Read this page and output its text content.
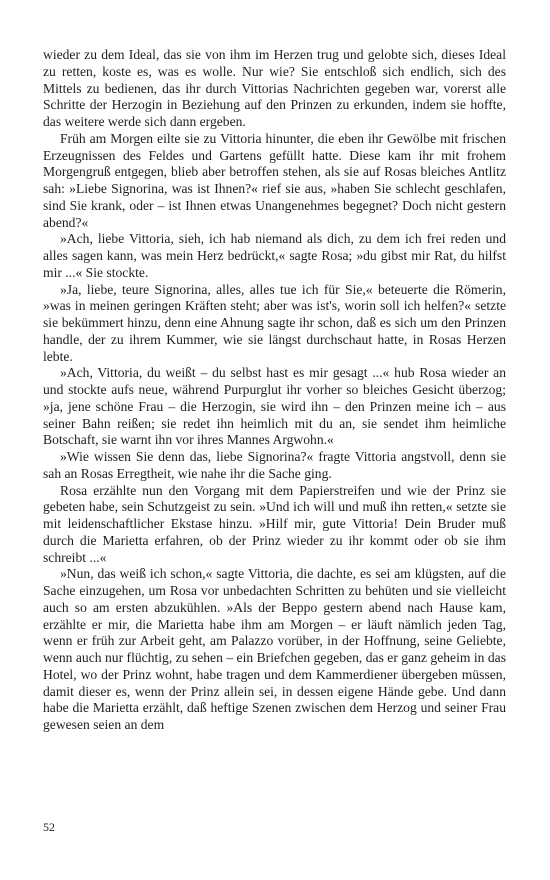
wieder zu dem Ideal, das sie von ihm im Herzen trug und gelobte sich, dieses Ideal zu retten, koste es, was es wolle. Nur wie? Sie entschloß sich endlich, sich des Mittels zu bedienen, das ihr durch Vittorias Nachrichten gegeben war, vorerst alle Schritte der Herzogin in Beziehung auf den Prinzen zu erkunden, indem sie hoffte, das weitere werde sich dann ergeben.

Früh am Morgen eilte sie zu Vittoria hinunter, die eben ihr Gewölbe mit frischen Erzeugnissen des Feldes und Gartens gefüllt hatte. Diese kam ihr mit frohem Morgengruß entgegen, blieb aber betroffen stehen, als sie auf Rosas bleiches Antlitz sah: »Liebe Signorina, was ist Ihnen?« rief sie aus, »haben Sie schlecht geschlafen, sind Sie krank, oder – ist Ihnen etwas Unangenehmes begegnet? Doch nicht gestern abend?«

»Ach, liebe Vittoria, sieh, ich hab niemand als dich, zu dem ich frei reden und alles sagen kann, was mein Herz bedrückt,« sagte Rosa; »du gibst mir Rat, du hilfst mir ...« Sie stockte.

»Ja, liebe, teure Signorina, alles, alles tue ich für Sie,« beteuerte die Römerin, »was in meinen geringen Kräften steht; aber was ist's, worin soll ich helfen?« setzte sie bekümmert hinzu, denn eine Ahnung sagte ihr schon, daß es sich um den Prinzen handle, der zu ihrem Kummer, wie sie längst durchschaut hatte, in Rosas Herzen lebte.

»Ach, Vittoria, du weißt – du selbst hast es mir gesagt ...« hub Rosa wieder an und stockte aufs neue, während Purpurglut ihr vorher so bleiches Gesicht überzog; »ja, jene schöne Frau – die Herzogin, sie wird ihn – den Prinzen meine ich – aus seiner Bahn reißen; sie redet ihn heimlich mit du an, sie sendet ihm heimliche Botschaft, sie warnt ihn vor ihres Mannes Argwohn.«

»Wie wissen Sie denn das, liebe Signorina?« fragte Vittoria angstvoll, denn sie sah an Rosas Erregtheit, wie nahe ihr die Sache ging.

Rosa erzählte nun den Vorgang mit dem Papierstreifen und wie der Prinz sie gebeten habe, sein Schutzgeist zu sein. »Und ich will und muß ihn retten,« setzte sie mit leidenschaftlicher Ekstase hinzu. »Hilf mir, gute Vittoria! Dein Bruder muß durch die Marietta erfahren, ob der Prinz wieder zu ihr kommt oder ob sie ihm schreibt ...«

»Nun, das weiß ich schon,« sagte Vittoria, die dachte, es sei am klügsten, auf die Sache einzugehen, um Rosa vor unbedachten Schritten zu behüten und sie vielleicht auch so am ersten abzukühlen. »Als der Beppo gestern abend nach Hause kam, erzählte er mir, die Marietta habe ihm am Morgen – er läuft nämlich jeden Tag, wenn er früh zur Arbeit geht, am Palazzo vorüber, in der Hoffnung, seine Geliebte, wenn auch nur flüchtig, zu sehen – ein Briefchen gegeben, das er ganz geheim in das Hotel, wo der Prinz wohnt, habe tragen und dem Kammerdiener übergeben müssen, damit dieser es, wenn der Prinz allein sei, in dessen eigene Hände gebe. Und dann habe die Marietta erzählt, daß heftige Szenen zwischen dem Herzog und seiner Frau gewesen seien an dem

52
